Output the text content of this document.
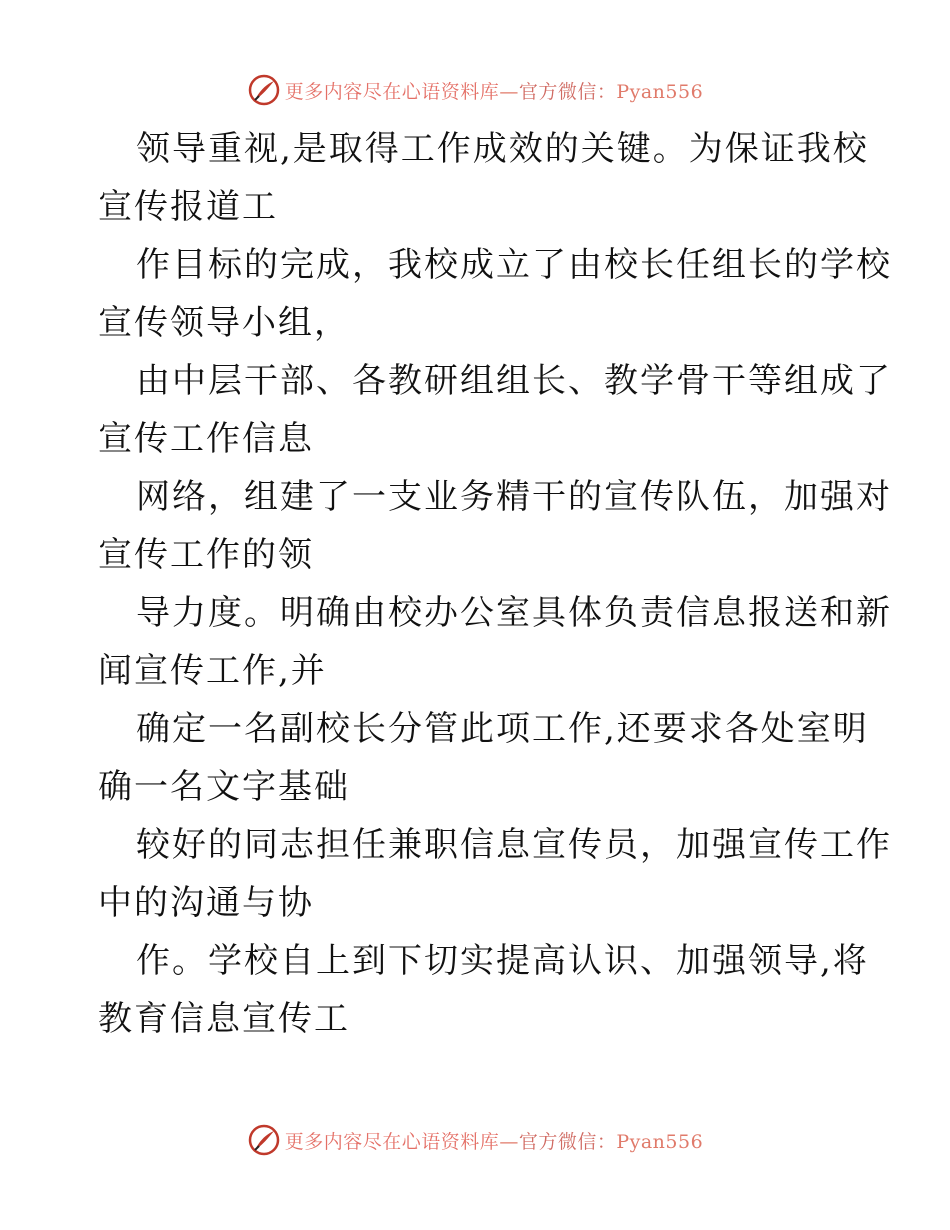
更多内容尽在心语资料库—官方微信：Pyan556
领导重视,是取得工作成效的关键。为保证我校
宣传报道工
作目标的完成，我校成立了由校长任组长的学校
宣传领导小组，
由中层干部、各教研组组长、教学骨干等组成了
宣传工作信息
网络，组建了一支业务精干的宣传队伍，加强对
宣传工作的领
导力度。明确由校办公室具体负责信息报送和新
闻宣传工作,并
确定一名副校长分管此项工作,还要求各处室明
确一名文字基础
较好的同志担任兼职信息宣传员，加强宣传工作
中的沟通与协
作。学校自上到下切实提高认识、加强领导,将
教育信息宣传工
更多内容尽在心语资料库—官方微信：Pyan556
